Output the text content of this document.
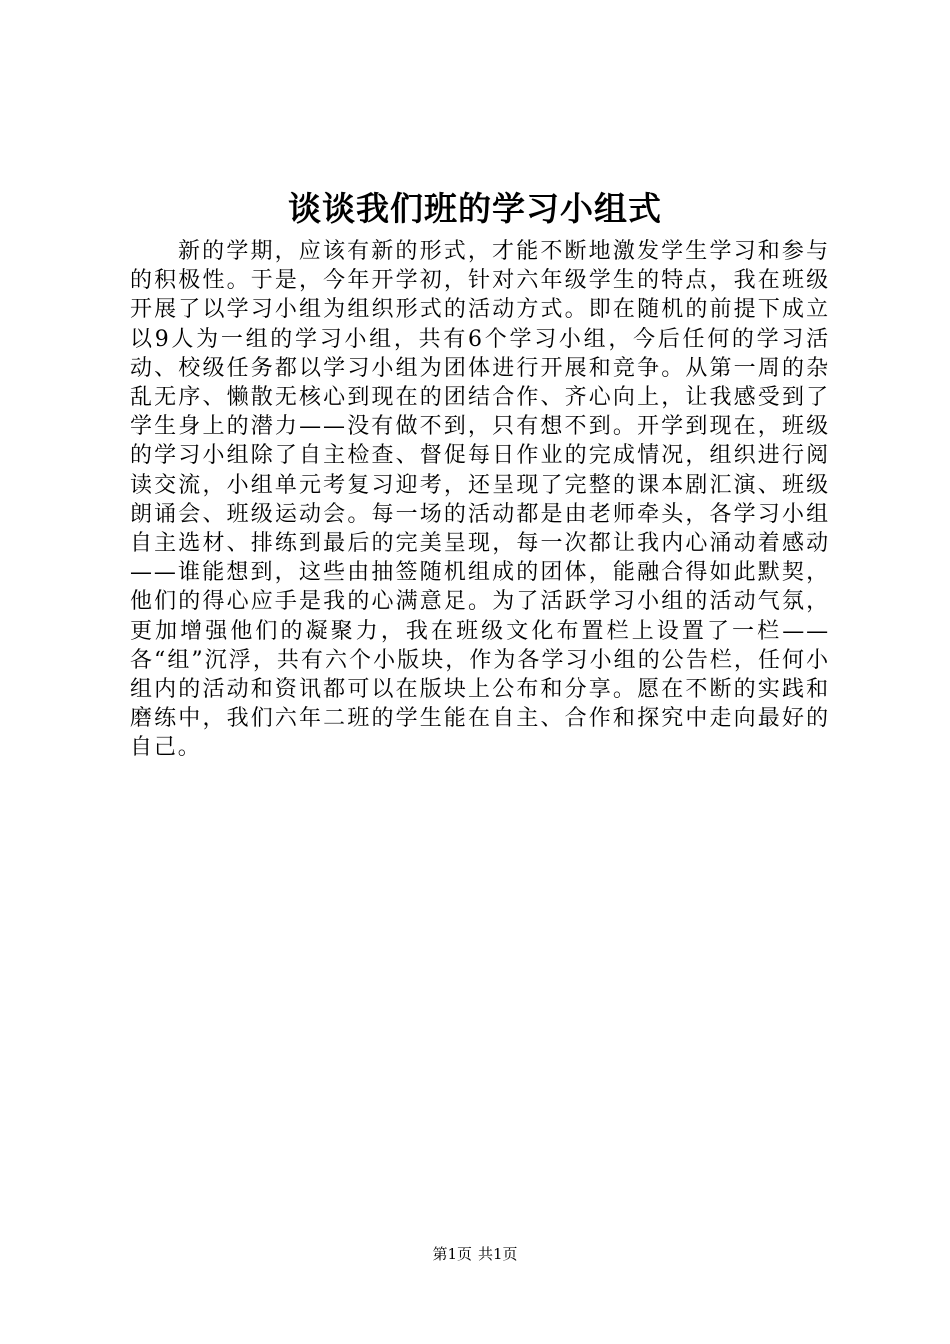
谈谈我们班的学习小组式

新的学期，应该有新的形式，才能不断地激发学生学习和参与的积极性。于是，今年开学初，针对六年级学生的特点，我在班级开展了以学习小组为组织形式的活动方式。即在随机的前提下成立以9人为一组的学习小组，共有6个学习小组，今后任何的学习活动、校级任务都以学习小组为团体进行开展和竞争。从第一周的杂乱无序、懒散无核心到现在的团结合作、齐心向上，让我感受到了学生身上的潜力——没有做不到，只有想不到。开学到现在，班级的学习小组除了自主检查、督促每日作业的完成情况，组织进行阅读交流，小组单元考复习迎考，还呈现了完整的课本剧汇演、班级朗诵会、班级运动会。每一场的活动都是由老师牵头，各学习小组自主选材、排练到最后的完美呈现，每一次都让我内心涌动着感动——谁能想到，这些由抽签随机组成的团体，能融合得如此默契，他们的得心应手是我的心满意足。为了活跃学习小组的活动气氛，更加增强他们的凝聚力，我在班级文化布置栏上设置了一栏——各“组”沉浮，共有六个小版块，作为各学习小组的公告栏，任何小组内的活动和资讯都可以在版块上公布和分享。愿在不断的实践和磨练中，我们六年二班的学生能在自主、合作和探究中走向最好的自己。

第1页 共1页
